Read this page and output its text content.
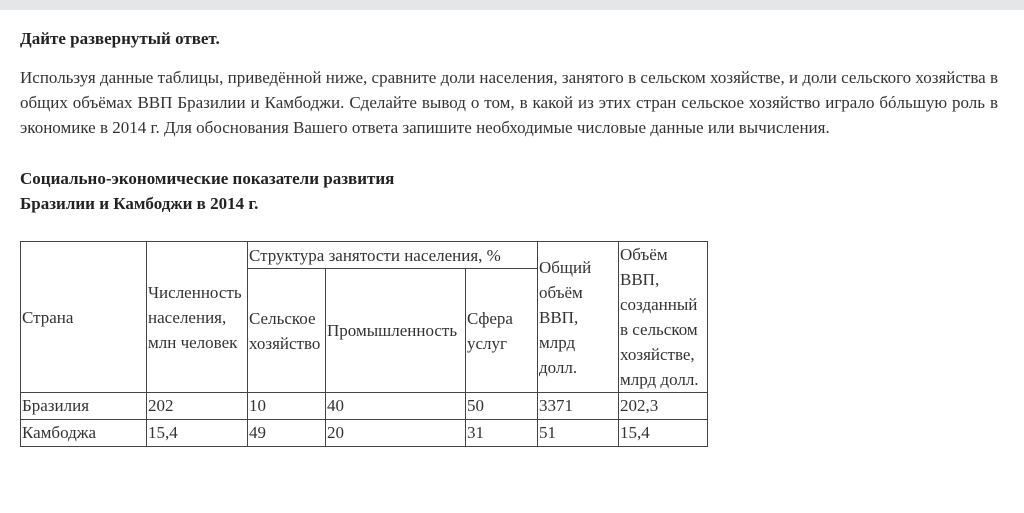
Дайте развернутый ответ.

Используя данные таблицы, приведённой ниже, сравните доли населения, занятого в сельском хозяйстве, и доли сельского хозяйства в общих объёмах ВВП Бразилии и Камбоджи. Сделайте вывод о том, в какой из этих стран сельское хозяйство играло бóльшую роль в экономике в 2014 г. Для обоснования Вашего ответа запишите необходимые числовые данные или вычисления.

Социально-экономические показатели развития
Бразилии и Камбоджи в 2014 г.
Страна	Численность населения, млн человек	Структура занятости населения, %			Общий объём ВВП, млрд долл.	Объём ВВП, созданный в сельском хозяйстве, млрд долл.
		Сельское хозяйство	Промышленность	Сфера услуг		
Бразилия	202	10	40	50	3371	202,3
Камбоджа	15,4	49	20	31	51	15,4
